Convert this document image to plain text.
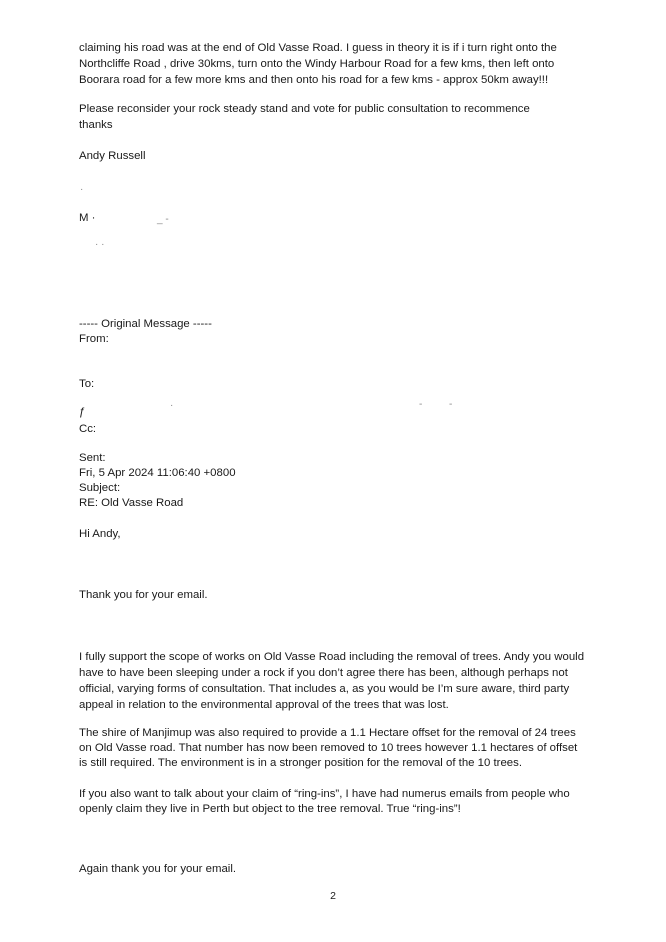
claiming his road was at the end of Old Vasse Road. I guess in theory it is if i turn right onto the

Northcliffe Road , drive 30kms, turn onto the Windy Harbour Road for a few kms, then left onto

Boorara road for a few more kms and then onto his road for a few kms - approx 50km away!!!

Please reconsider your rock steady stand and vote for public consultation to recommence

thanks

Andy Russell

·
M ·	_ -
· ·

----- Original Message -----

From:

To:

ƒ
·	-	-

Cc:

Sent:

Fri, 5 Apr 2024 11:06:40 +0800

Subject:

RE: Old Vasse Road

Hi Andy,

Thank you for your email.

I fully support the scope of works on Old Vasse Road including the removal of trees. Andy you would

have to have been sleeping under a rock if you don’t agree there has been, although perhaps not

official, varying forms of consultation. That includes a, as you would be I’m sure aware, third party

appeal in relation to the environmental approval of the trees that was lost.

The shire of Manjimup was also required to provide a 1.1 Hectare offset for the removal of 24 trees

on Old Vasse road. That number has now been removed to 10 trees however 1.1 hectares of offset

is still required. The environment is in a stronger position for the removal of the 10 trees.

If you also want to talk about your claim of “ring-ins”, I have had numerus emails from people who

openly claim they live in Perth but object to the tree removal. True “ring-ins”!

Again thank you for your email.

2
